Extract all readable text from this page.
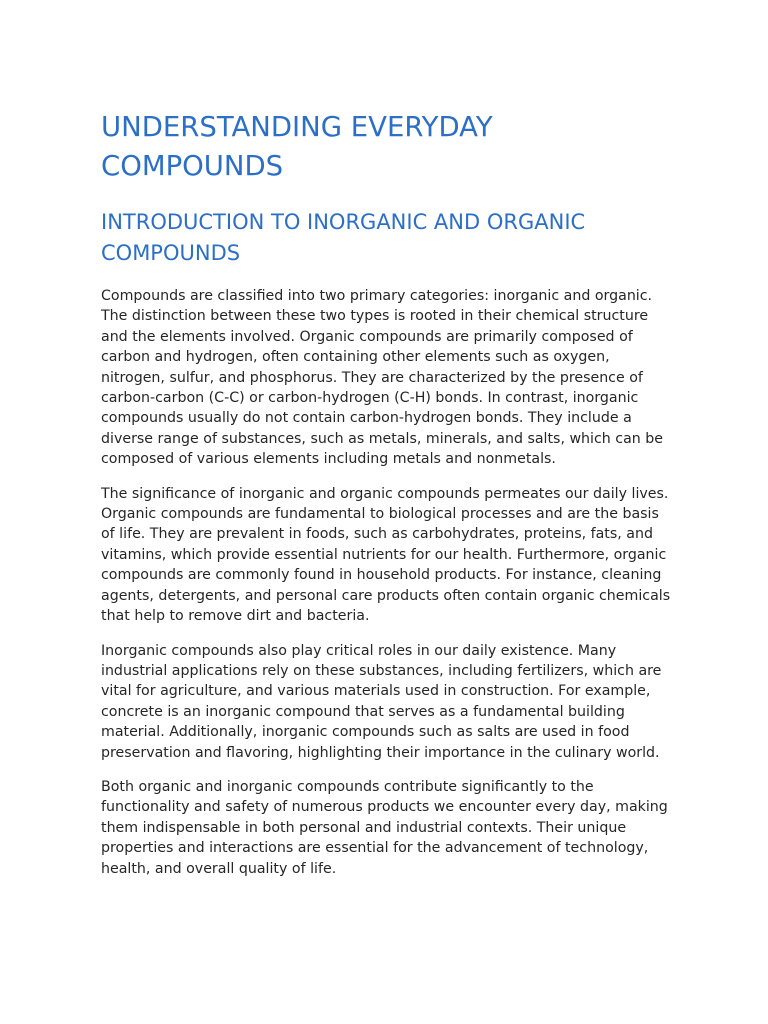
UNDERSTANDING EVERYDAY COMPOUNDS
INTRODUCTION TO INORGANIC AND ORGANIC COMPOUNDS

Compounds are classified into two primary categories: inorganic and organic. The distinction between these two types is rooted in their chemical structure and the elements involved. Organic compounds are primarily composed of carbon and hydrogen, often containing other elements such as oxygen, nitrogen, sulfur, and phosphorus. They are characterized by the presence of carbon-carbon (C-C) or carbon-hydrogen (C-H) bonds. In contrast, inorganic compounds usually do not contain carbon-hydrogen bonds. They include a diverse range of substances, such as metals, minerals, and salts, which can be composed of various elements including metals and nonmetals.

The significance of inorganic and organic compounds permeates our daily lives. Organic compounds are fundamental to biological processes and are the basis of life. They are prevalent in foods, such as carbohydrates, proteins, fats, and vitamins, which provide essential nutrients for our health. Furthermore, organic compounds are commonly found in household products. For instance, cleaning agents, detergents, and personal care products often contain organic chemicals that help to remove dirt and bacteria.

Inorganic compounds also play critical roles in our daily existence. Many industrial applications rely on these substances, including fertilizers, which are vital for agriculture, and various materials used in construction. For example, concrete is an inorganic compound that serves as a fundamental building material. Additionally, inorganic compounds such as salts are used in food preservation and flavoring, highlighting their importance in the culinary world.

Both organic and inorganic compounds contribute significantly to the functionality and safety of numerous products we encounter every day, making them indispensable in both personal and industrial contexts. Their unique properties and interactions are essential for the advancement of technology, health, and overall quality of life.
